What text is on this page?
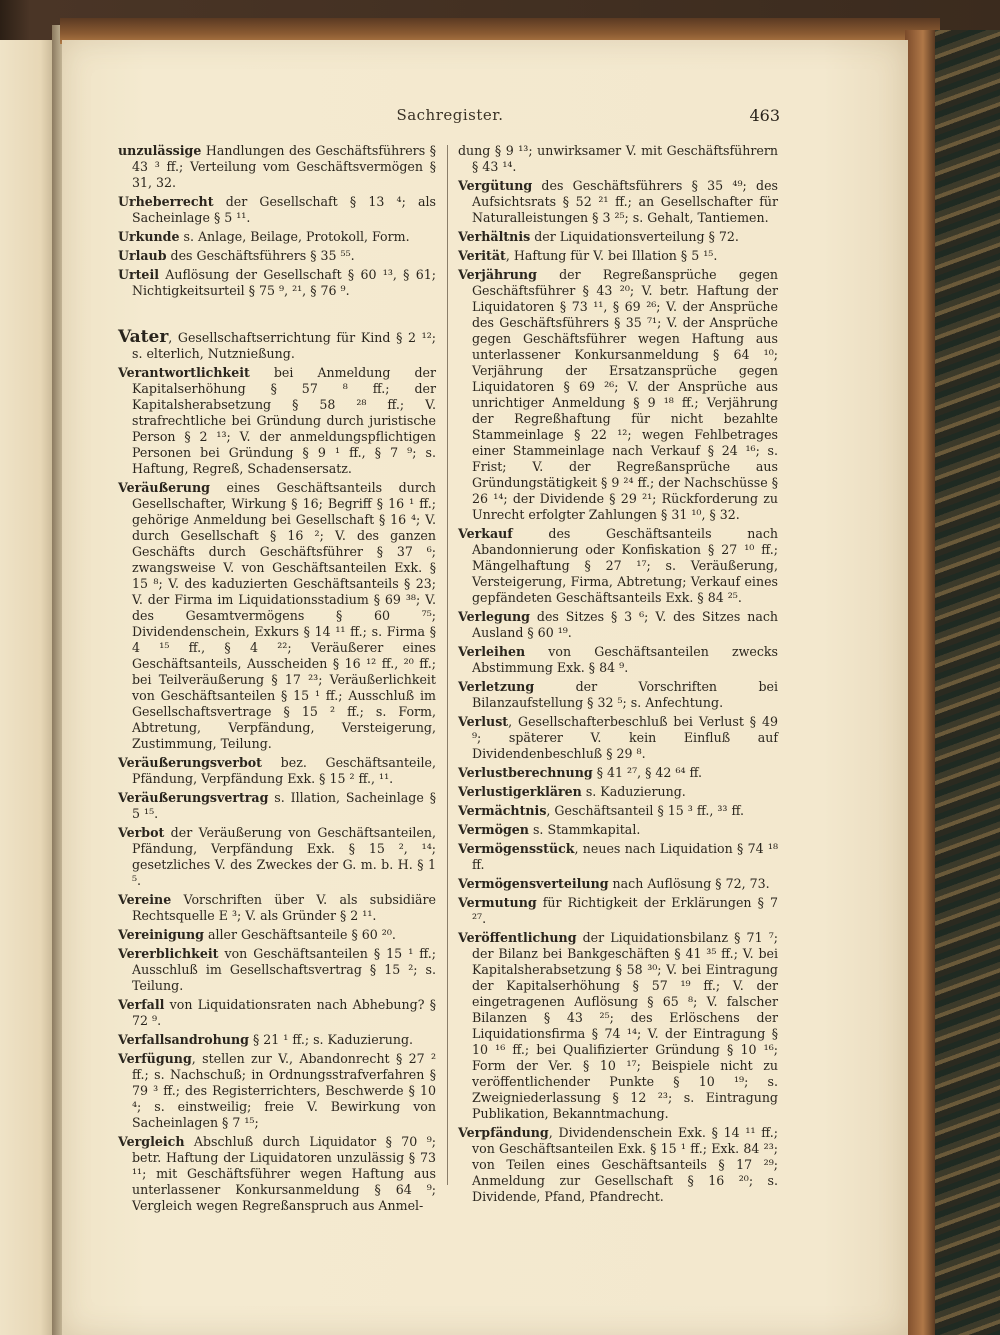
Sachregister.	463

unzulässige Handlungen des Geschäftsführers § 43 ³ ff.; Verteilung vom Geschäftsvermögen § 31, 32.

Urheberrecht der Gesellschaft § 13 ⁴; als Sacheinlage § 5 ¹¹.

Urkunde s. Anlage, Beilage, Protokoll, Form.

Urlaub des Geschäftsführers § 35 ⁵⁵.

Urteil Auflösung der Gesellschaft § 60 ¹³, § 61; Nichtigkeitsurteil § 75 ⁹, ²¹, § 76 ⁹.

Vater, Gesellschaftserrichtung für Kind § 2 ¹²; s. elterlich, Nutznießung.

Verantwortlichkeit bei Anmeldung der Kapitalserhöhung § 57 ⁸ ff.; der Kapitalsherabsetzung § 58 ²⁸ ff.; V. strafrechtliche bei Gründung durch juristische Person § 2 ¹³; V. der anmeldungspflichtigen Personen bei Gründung § 9 ¹ ff., § 7 ⁹; s. Haftung, Regreß, Schadensersatz.

Veräußerung eines Geschäftsanteils durch Gesellschafter, Wirkung § 16; Begriff § 16 ¹ ff.; gehörige Anmeldung bei Gesellschaft § 16 ⁴; V. durch Gesellschaft § 16 ²; V. des ganzen Geschäfts durch Geschäftsführer § 37 ⁶; zwangsweise V. von Geschäftsanteilen Exk. § 15 ⁸; V. des kaduzierten Geschäftsanteils § 23; V. der Firma im Liquidationsstadium § 69 ³⁸; V. des Gesamtvermögens § 60 ⁷⁵; Dividendenschein, Exkurs § 14 ¹¹ ff.; s. Firma § 4 ¹⁵ ff., § 4 ²²; Veräußerer eines Geschäftsanteils, Ausscheiden § 16 ¹² ff., ²⁰ ff.; bei Teilveräußerung § 17 ²³; Veräußerlichkeit von Geschäftsanteilen § 15 ¹ ff.; Ausschluß im Gesellschaftsvertrage § 15 ² ff.; s. Form, Abtretung, Verpfändung, Versteigerung, Zustimmung, Teilung.

Veräußerungsverbot bez. Geschäftsanteile, Pfändung, Verpfändung Exk. § 15 ² ff., ¹¹.

Veräußerungsvertrag s. Illation, Sacheinlage § 5 ¹⁵.

Verbot der Veräußerung von Geschäftsanteilen, Pfändung, Verpfändung Exk. § 15 ², ¹⁴; gesetzliches V. des Zweckes der G. m. b. H. § 1 ⁵.

Vereine Vorschriften über V. als subsidiäre Rechtsquelle E ³; V. als Gründer § 2 ¹¹.

Vereinigung aller Geschäftsanteile § 60 ²⁰.

Vererblichkeit von Geschäftsanteilen § 15 ¹ ff.; Ausschluß im Gesellschaftsvertrag § 15 ²; s. Teilung.

Verfall von Liquidationsraten nach Abhebung? § 72 ⁹.

Verfallsandrohung § 21 ¹ ff.; s. Kaduzierung.

Verfügung, stellen zur V., Abandonrecht § 27 ² ff.; s. Nachschuß; in Ordnungsstrafverfahren § 79 ³ ff.; des Registerrichters, Beschwerde § 10 ⁴; s. einstweilig; freie V. Bewirkung von Sacheinlagen § 7 ¹⁵;

Vergleich Abschluß durch Liquidator § 70 ⁹; betr. Haftung der Liquidatoren unzulässig § 73 ¹¹; mit Geschäftsführer wegen Haftung aus unterlassener Konkursanmeldung § 64 ⁹; Vergleich wegen Regreßanspruch aus Anmel-

dung § 9 ¹³; unwirksamer V. mit Geschäftsführern § 43 ¹⁴.

Vergütung des Geschäftsführers § 35 ⁴⁹; des Aufsichtsrats § 52 ²¹ ff.; an Gesellschafter für Naturalleistungen § 3 ²⁵; s. Gehalt, Tantiemen.

Verhältnis der Liquidationsverteilung § 72.

Verität, Haftung für V. bei Illation § 5 ¹⁵.

Verjährung der Regreßansprüche gegen Geschäftsführer § 43 ²⁰; V. betr. Haftung der Liquidatoren § 73 ¹¹, § 69 ²⁶; V. der Ansprüche des Geschäftsführers § 35 ⁷¹; V. der Ansprüche gegen Geschäftsführer wegen Haftung aus unterlassener Konkursanmeldung § 64 ¹⁰; Verjährung der Ersatzansprüche gegen Liquidatoren § 69 ²⁶; V. der Ansprüche aus unrichtiger Anmeldung § 9 ¹⁸ ff.; Verjährung der Regreßhaftung für nicht bezahlte Stammeinlage § 22 ¹²; wegen Fehlbetrages einer Stammeinlage nach Verkauf § 24 ¹⁶; s. Frist; V. der Regreßansprüche aus Gründungstätigkeit § 9 ²⁴ ff.; der Nachschüsse § 26 ¹⁴; der Dividende § 29 ²¹; Rückforderung zu Unrecht erfolgter Zahlungen § 31 ¹⁰, § 32.

Verkauf des Geschäftsanteils nach Abandonnierung oder Konfiskation § 27 ¹⁰ ff.; Mängelhaftung § 27 ¹⁷; s. Veräußerung, Versteigerung, Firma, Abtretung; Verkauf eines gepfändeten Geschäftsanteils Exk. § 84 ²⁵.

Verlegung des Sitzes § 3 ⁶; V. des Sitzes nach Ausland § 60 ¹⁹.

Verleihen von Geschäftsanteilen zwecks Abstimmung Exk. § 84 ⁹.

Verletzung der Vorschriften bei Bilanzaufstellung § 32 ⁵; s. Anfechtung.

Verlust, Gesellschafterbeschluß bei Verlust § 49 ⁹; späterer V. kein Einfluß auf Dividendenbeschluß § 29 ⁸.

Verlustberechnung § 41 ²⁷, § 42 ⁶⁴ ff.

Verlustigerklären s. Kaduzierung.

Vermächtnis, Geschäftsanteil § 15 ³ ff., ³³ ff.

Vermögen s. Stammkapital.

Vermögensstück, neues nach Liquidation § 74 ¹⁸ ff.

Vermögensverteilung nach Auflösung § 72, 73.

Vermutung für Richtigkeit der Erklärungen § 7 ²⁷.

Veröffentlichung der Liquidationsbilanz § 71 ⁷; der Bilanz bei Bankgeschäften § 41 ³⁵ ff.; V. bei Kapitalsherabsetzung § 58 ³⁰; V. bei Eintragung der Kapitalserhöhung § 57 ¹⁹ ff.; V. der eingetragenen Auflösung § 65 ⁸; V. falscher Bilanzen § 43 ²⁵; des Erlöschens der Liquidationsfirma § 74 ¹⁴; V. der Eintragung § 10 ¹⁶ ff.; bei Qualifizierter Gründung § 10 ¹⁶; Form der Ver. § 10 ¹⁷; Beispiele nicht zu veröffentlichender Punkte § 10 ¹⁹; s. Zweigniederlassung § 12 ²³; s. Eintragung Publikation, Bekanntmachung.

Verpfändung, Dividendenschein Exk. § 14 ¹¹ ff.; von Geschäftsanteilen Exk. § 15 ¹ ff.; Exk. 84 ²³; von Teilen eines Geschäftsanteils § 17 ²⁹; Anmeldung zur Gesellschaft § 16 ²⁰; s. Dividende, Pfand, Pfandrecht.
